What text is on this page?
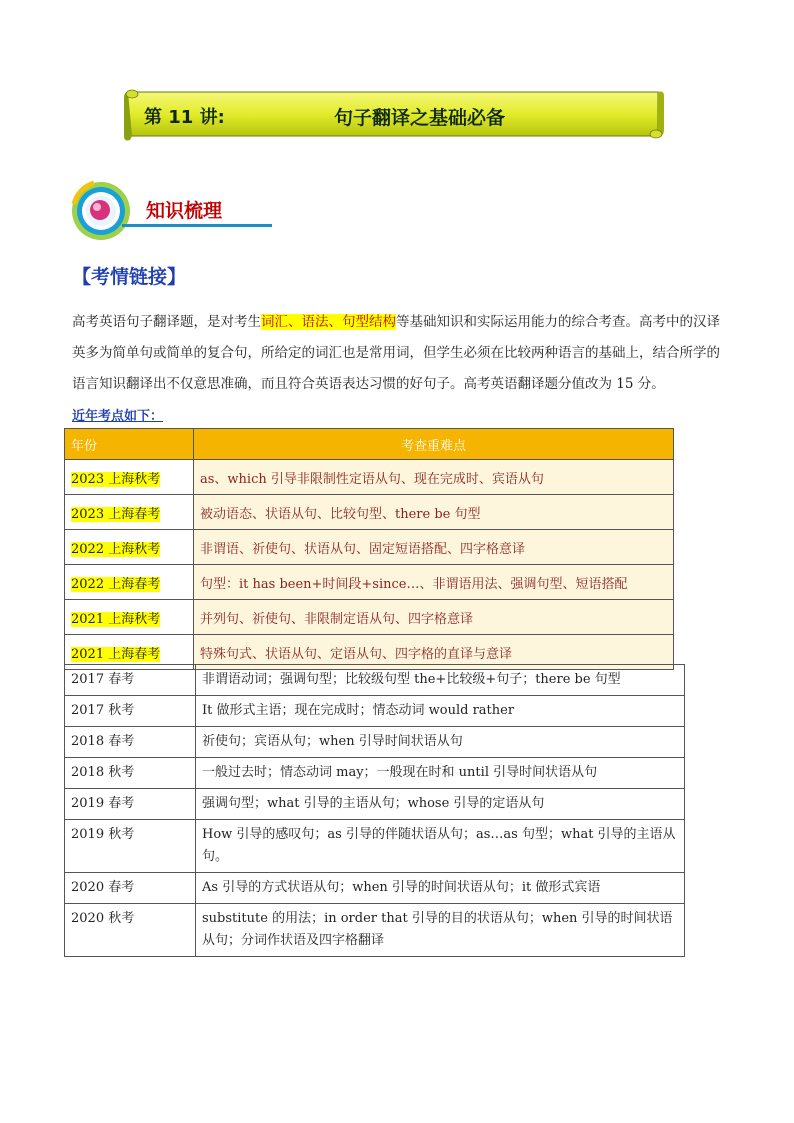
第 11 讲:	句子翻译之基础必备
知识梳理
【考情链接】
高考英语句子翻译题，是对考生词汇、语法、句型结构等基础知识和实际运用能力的综合考查。高考中的汉译英多为简单句或简单的复合句，所给定的词汇也是常用词，但学生必须在比较两种语言的基础上，结合所学的语言知识翻译出不仅意思准确，而且符合英语表达习惯的好句子。高考英语翻译题分值改为 15 分。
近年考点如下：
年份	考查重难点
2023 上海秋考	as、which 引导非限制性定语从句、现在完成时、宾语从句
2023 上海春考	被动语态、状语从句、比较句型、there be 句型
2022 上海秋考	非谓语、祈使句、状语从句、固定短语搭配、四字格意译
2022 上海春考	句型：it has been+时间段+since…、非谓语用法、强调句型、短语搭配
2021 上海秋考	并列句、祈使句、非限制定语从句、四字格意译
2021 上海春考	特殊句式、状语从句、定语从句、四字格的直译与意译
2017 春考	非谓语动词；强调句型；比较级句型 the+比较级+句子；there be 句型
2017 秋考	It 做形式主语；现在完成时；情态动词 would rather
2018 春考	祈使句；宾语从句；when 引导时间状语从句
2018 秋考	一般过去时；情态动词 may；一般现在时和 until 引导时间状语从句
2019 春考	强调句型；what 引导的主语从句；whose 引导的定语从句
2019 秋考	How 引导的感叹句；as 引导的伴随状语从句；as…as 句型；what 引导的主语从句。
2020 春考	As 引导的方式状语从句；when 引导的时间状语从句；it 做形式宾语
2020 秋考	substitute 的用法；in order that 引导的目的状语从句；when 引导的时间状语从句；分词作状语及四字格翻译
